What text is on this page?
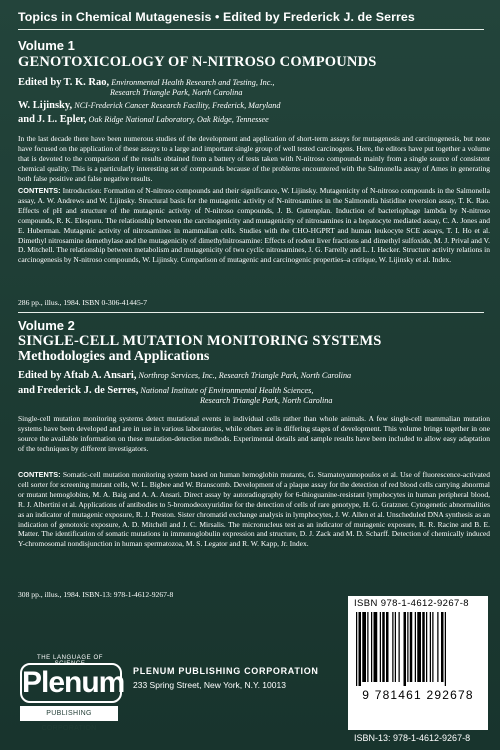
Topics in Chemical Mutagenesis • Edited by Frederick J. de Serres
Volume 1
GENOTOXICOLOGY OF N-NITROSO COMPOUNDS
Edited by T. K. Rao, Environmental Health Research and Testing, Inc.,
Research Triangle Park, North Carolina
W. Lijinsky, NCI-Frederick Cancer Research Facility, Frederick, Maryland
and J. L. Epler, Oak Ridge National Laboratory, Oak Ridge, Tennessee
In the last decade there have been numerous studies of the development and application of short-term assays for mutagenesis and carcinogenesis, but none have focused on the application of these assays to a large and important single group of well tested carcinogens. Here, the editors have put together a volume that is devoted to the comparison of the results obtained from a battery of tests taken with N-nitroso compounds mainly from a single source of consistent chemical quality. This is a particularly interesting set of compounds because of the problems encountered with the Salmonella assay of Ames in generating both false positive and false negative results.
CONTENTS: Introduction: Formation of N-nitroso compounds and their significance, W. Lijinsky. Mutagenicity of N-nitroso compounds in the Salmonella assay, A. W. Andrews and W. Lijinsky. Structural basis for the mutagenic activity of N-nitrosamines in the Salmonella histidine reversion assay, T. K. Rao. Effects of pH and structure of the mutagenic activity of N-nitroso compounds, J. B. Guttenplan. Induction of bacteriophage lambda by N-nitroso compounds, R. K. Elespuru. The relationship between the carcinogenicity and mutagenicity of nitrosamines in a hepatocyte mediated assay, C. A. Jones and E. Huberman. Mutagenic activity of nitrosamines in mammalian cells. Studies with the CHO-HGPRT and human leukocyte SCE assays, T. I. Ho et al. Dimethyl nitrosamine demethylase and the mutagenicity of dimethylnitrosamine: Effects of rodent liver fractions and dimethyl sulfoxide, M. J. Prival and V. D. Mitchell. The relationship between metabolism and mutagenicity of two cyclic nitrosamines, J. G. Farrelly and L. I. Hecker. Structure activity relations in carcinogenesis by N-nitroso compounds, W. Lijinsky. Comparison of mutagenic and carcinogenic properties–a critique, W. Lijinsky et al. Index.
286 pp., illus., 1984. ISBN 0-306-41445-7
Volume 2
SINGLE-CELL MUTATION MONITORING SYSTEMS
Methodologies and Applications
Edited by Aftab A. Ansari, Northrop Services, Inc., Research Triangle Park, North Carolina
and Frederick J. de Serres, National Institute of Environmental Health Sciences,
Research Triangle Park, North Carolina
Single-cell mutation monitoring systems detect mutational events in individual cells rather than whole animals. A few single-cell mammalian mutation systems have been developed and are in use in various laboratories, while others are in differing stages of development. This volume brings together in one source the available information on these mutation-detection methods. Experimental details and sample results have been included to allow easy adaptation of the techniques by different investigators.
CONTENTS: Somatic-cell mutation monitoring system based on human hemoglobin mutants, G. Stamatoyannopoulos et al. Use of fluorescence-activated cell sorter for screening mutant cells, W. L. Bigbee and W. Branscomb. Development of a plaque assay for the detection of red blood cells carrying abnormal or mutant hemoglobins, M. A. Baig and A. A. Ansari. Direct assay by autoradiography for 6-thioguanine-resistant lymphocytes in human peripheral blood, R. J. Albertini et al. Applications of antibodies to 5-bromodeoxyuridine for the detection of cells of rare genotype, H. G. Gratzner. Cytogenetic abnormalities as an indicator of mutagenic exposure, R. J. Preston. Sister chromatid exchange analysis in lymphocytes, J. W. Allen et al. Unscheduled DNA synthesis as an indication of genotoxic exposure, A. D. Mitchell and J. C. Mirsalis. The micronucleus test as an indicator of mutagenic exposure, R. R. Racine and B. E. Matter. The identification of somatic mutations in immunoglobulin expression and structure, D. J. Zack and M. D. Scharff. Detection of chemically induced Y-chromosomal nondisjunction in human spermatozoa, M. S. Legator and R. W. Kapp, Jr. Index.
308 pp., illus., 1984. ISBN-13: 978-1-4612-9267-8
THE LANGUAGE OF SCIENCE
Plenum
PUBLISHING CORPORATION
PLENUM PUBLISHING CORPORATION
233 Spring Street, New York, N.Y. 10013
ISBN 978-1-4612-9267-8
9 781461 292678
ISBN-13: 978-1-4612-9267-8
